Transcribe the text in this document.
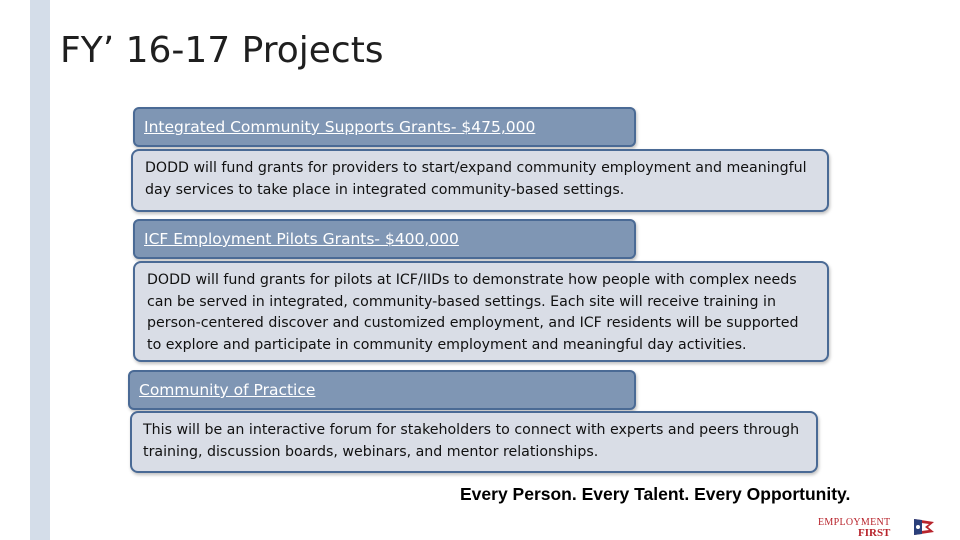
FY’ 16-17 Projects
Integrated Community Supports Grants- $475,000
DODD will fund grants for providers to start/expand community employment and meaningful day services to take place in integrated community-based settings.
ICF Employment Pilots Grants- $400,000
DODD will fund grants for pilots at ICF/IIDs to demonstrate how people with complex needs can be served in integrated, community-based settings. Each site will receive training in person-centered discover and customized employment, and ICF residents will be supported to explore and participate in community employment and meaningful day activities.
Community of Practice
This will be an interactive forum for stakeholders to connect with experts and peers through training, discussion boards, webinars, and mentor relationships.
Every Person. Every Talent. Every Opportunity.
EMPLOYMENT
FIRST
